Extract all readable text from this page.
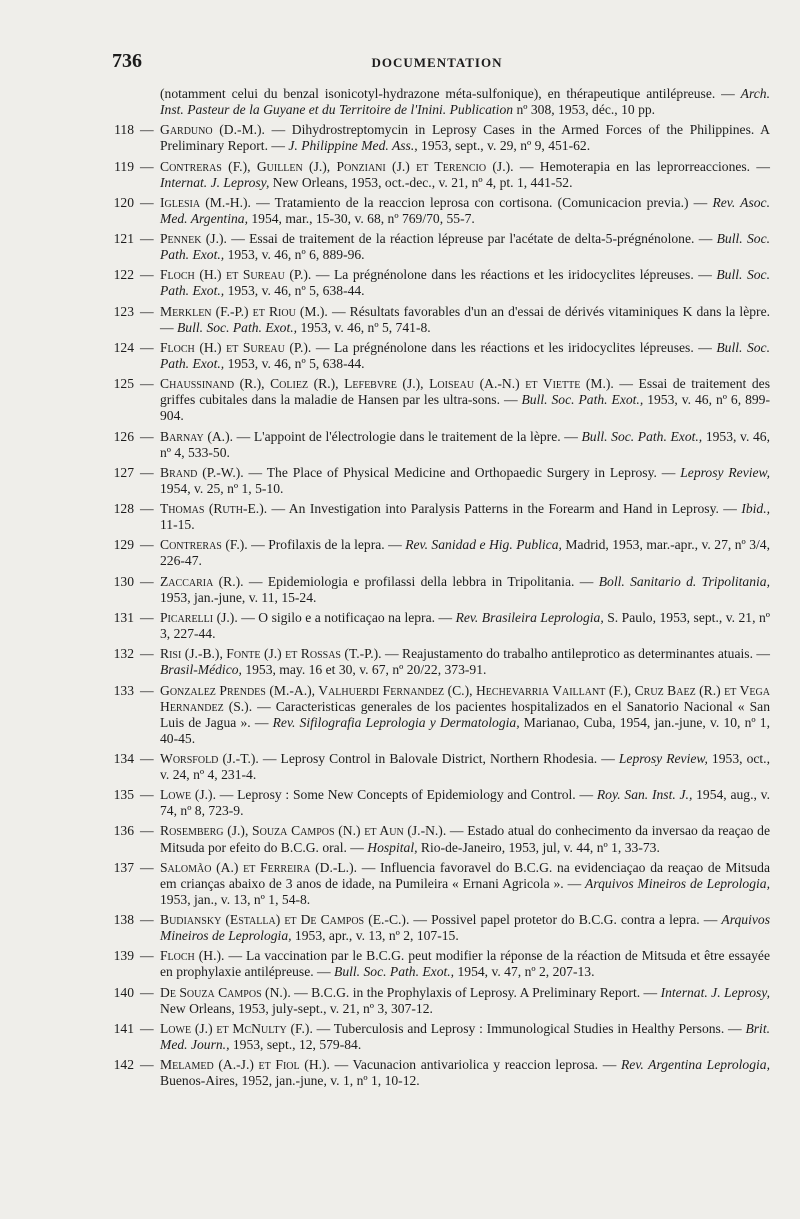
736	DOCUMENTATION
(notamment celui du benzal isonicotyl-hydrazone méta-sulfonique), en thérapeutique antilépreuse. — Arch. Inst. Pasteur de la Guyane et du Territoire de l'Inini. Publication nº 308, 1953, déc., 10 pp.
118 — Garduno (D.-M.). — Dihydrostreptomycin in Leprosy Cases in the Armed Forces of the Philippines. A Preliminary Report. — J. Philippine Med. Ass., 1953, sept., v. 29, nº 9, 451-62.
119 — Contreras (F.), Guillen (J.), Ponziani (J.) et Terencio (J.). — Hemoterapia en las leprorreacciones. — Internat. J. Leprosy, New Orleans, 1953, oct.-dec., v. 21, nº 4, pt. 1, 441-52.
120 — Iglesia (M.-H.). — Tratamiento de la reaccion leprosa con cortisona. (Comunicacion previa.) — Rev. Asoc. Med. Argentina, 1954, mar., 15-30, v. 68, nº 769/70, 55-7.
121 — Pennek (J.). — Essai de traitement de la réaction lépreuse par l'acétate de delta-5-prégnénolone. — Bull. Soc. Path. Exot., 1953, v. 46, nº 6, 889-96.
122 — Floch (H.) et Sureau (P.). — La prégnénolone dans les réactions et les iridocyclites lépreuses. — Bull. Soc. Path. Exot., 1953, v. 46, nº 5, 638-44.
123 — Merklen (F.-P.) et Riou (M.). — Résultats favorables d'un an d'essai de dérivés vitaminiques K dans la lèpre. — Bull. Soc. Path. Exot., 1953, v. 46, nº 5, 741-8.
124 — Floch (H.) et Sureau (P.). — La prégnénolone dans les réactions et les iridocyclites lépreuses. — Bull. Soc. Path. Exot., 1953, v. 46, nº 5, 638-44.
125 — Chaussinand (R.), Coliez (R.), Lefebvre (J.), Loiseau (A.-N.) et Viette (M.). — Essai de traitement des griffes cubitales dans la maladie de Hansen par les ultra-sons. — Bull. Soc. Path. Exot., 1953, v. 46, nº 6, 899-904.
126 — Barnay (A.). — L'appoint de l'électrologie dans le traitement de la lèpre. — Bull. Soc. Path. Exot., 1953, v. 46, nº 4, 533-50.
127 — Brand (P.-W.). — The Place of Physical Medicine and Orthopaedic Surgery in Leprosy. — Leprosy Review, 1954, v. 25, nº 1, 5-10.
128 — Thomas (Ruth-E.). — An Investigation into Paralysis Patterns in the Forearm and Hand in Leprosy. — Ibid., 11-15.
129 — Contreras (F.). — Profilaxis de la lepra. — Rev. Sanidad e Hig. Publica, Madrid, 1953, mar.-apr., v. 27, nº 3/4, 226-47.
130 — Zaccaria (R.). — Epidemiologia e profilassi della lebbra in Tripolitania. — Boll. Sanitario d. Tripolitania, 1953, jan.-june, v. 11, 15-24.
131 — Picarelli (J.). — O sigilo e a notificaçao na lepra. — Rev. Brasileira Leprologia, S. Paulo, 1953, sept., v. 21, nº 3, 227-44.
132 — Risi (J.-B.), Fonte (J.) et Rossas (T.-P.). — Reajustamento do trabalho antileprotico as determinantes atuais. — Brasil-Médico, 1953, may. 16 et 30, v. 67, nº 20/22, 373-91.
133 — Gonzalez Prendes (M.-A.), Valhuerdi Fernandez (C.), Hechevarria Vaillant (F.), Cruz Baez (R.) et Vega Hernandez (S.). — Caracteristicas generales de los pacientes hospitalizados en el Sanatorio Nacional « San Luis de Jagua ». — Rev. Sifilografia Leprologia y Dermatologia, Marianao, Cuba, 1954, jan.-june, v. 10, nº 1, 40-45.
134 — Worsfold (J.-T.). — Leprosy Control in Balovale District, Northern Rhodesia. — Leprosy Review, 1953, oct., v. 24, nº 4, 231-4.
135 — Lowe (J.). — Leprosy : Some New Concepts of Epidemiology and Control. — Roy. San. Inst. J., 1954, aug., v. 74, nº 8, 723-9.
136 — Rosemberg (J.), Souza Campos (N.) et Aun (J.-N.). — Estado atual do conhecimento da inversao da reaçao de Mitsuda por efeito do B.C.G. oral. — Hospital, Rio-de-Janeiro, 1953, jul, v. 44, nº 1, 33-73.
137 — Salomão (A.) et Ferreira (D.-L.). — Influencia favoravel do B.C.G. na evidenciaçao da reaçao de Mitsuda em crianças abaixo de 3 anos de idade, na Pumileira « Ernani Agricola ». — Arquivos Mineiros de Leprologia, 1953, jan., v. 13, nº 1, 54-8.
138 — Budiansky (Estalla) et De Campos (E.-C.). — Possivel papel protetor do B.C.G. contra a lepra. — Arquivos Mineiros de Leprologia, 1953, apr., v. 13, nº 2, 107-15.
139 — Floch (H.). — La vaccination par le B.C.G. peut modifier la réponse de la réaction de Mitsuda et être essayée en prophylaxie antilépreuse. — Bull. Soc. Path. Exot., 1954, v. 47, nº 2, 207-13.
140 — De Souza Campos (N.). — B.C.G. in the Prophylaxis of Leprosy. A Preliminary Report. — Internat. J. Leprosy, New Orleans, 1953, july-sept., v. 21, nº 3, 307-12.
141 — Lowe (J.) et McNulty (F.). — Tuberculosis and Leprosy : Immunological Studies in Healthy Persons. — Brit. Med. Journ., 1953, sept., 12, 579-84.
142 — Melamed (A.-J.) et Fiol (H.). — Vacunacion antivariolica y reaccion leprosa. — Rev. Argentina Leprologia, Buenos-Aires, 1952, jan.-june, v. 1, nº 1, 10-12.
